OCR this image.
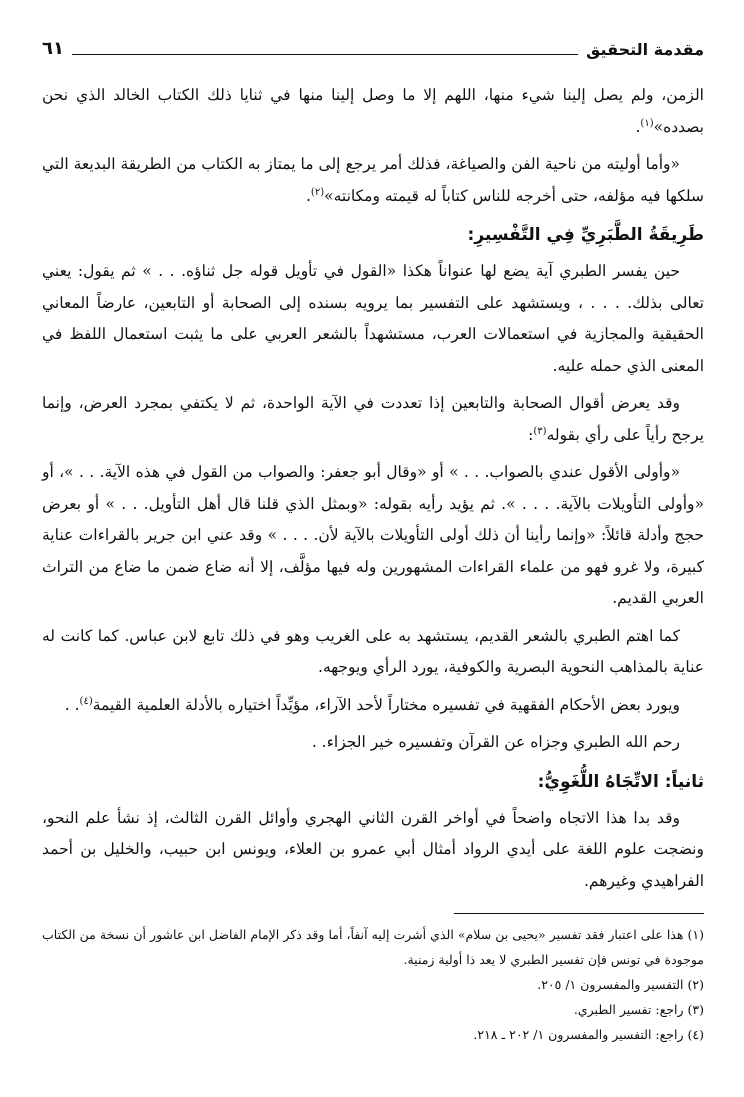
مقدمة التحقيق
٦١

الزمن، ولم يصل إلينا شيء منها، اللهم إلا ما وصل إلينا منها في ثنايا ذلك الكتاب الخالد الذي نحن بصدده»$^{(١)}$.

«وأما أوليته من ناحية الفن والصياغة، فذلك أمر يرجع إلى ما يمتاز به الكتاب من الطريقة البديعة التي سلكها فيه مؤلفه، حتى أخرجه للناس كتاباً له قيمته ومكانته»$^{(٢)}$.

طَرِيقَةُ الطَّبَرِيِّ فِي التَّفْسِيرِ:

حين يفسر الطبري آية يضع لها عنواناً هكذا «القول في تأويل قوله جل ثناؤه. . . » ثم يقول: يعني تعالى بذلك. . . . ، ويستشهد على التفسير بما يرويه بسنده إلى الصحابة أو التابعين، عارضاً المعاني الحقيقية والمجازية في استعمالات العرب، مستشهداً بالشعر العربي على ما يثبت استعمال اللفظ في المعنى الذي حمله عليه.

وقد يعرض أقوال الصحابة والتابعين إذا تعددت في الآية الواحدة، ثم لا يكتفي بمجرد العرض، وإنما يرجح رأياً على رأي بقوله$^{(٣)}$:

«وأولى الأقول عندي بالصواب. . . » أو «وقال أبو جعفر: والصواب من القول في هذه الآية. . . »، أو «وأولى التأويلات بالآية. . . . ». ثم يؤيد رأيه بقوله: «وبمثل الذي قلنا قال أهل التأويل. . . » أو بعرض حجج وأدلة قائلاً: «وإنما رأينا أن ذلك أولى التأويلات بالآية لأن. . . . » وقد عني ابن جرير بالقراءات عناية كبيرة، ولا غرو فهو من علماء القراءات المشهورين وله فيها مؤلَّف، إلا أنه ضاع ضمن ما ضاع من التراث العربي القديم.

كما اهتم الطبري بالشعر القديم، يستشهد به على الغريب وهو في ذلك تابع لابن عباس. كما كانت له عناية بالمذاهب النحوية البصرية والكوفية، يورد الرأي ويوجهه.

ويورد بعض الأحكام الفقهية في تفسيره مختاراً لأحد الآراء، مؤيِّداً اختياره بالأدلة العلمية القيمة$^{(٤)}$. .

رحم الله الطبري وجزاه عن القرآن وتفسيره خير الجزاء. .

ثانياً: الاتِّجَاهُ اللُّغَوِيُّ:

وقد بدا هذا الاتجاه واضحاً في أواخر القرن الثاني الهجري وأوائل القرن الثالث، إذ نشأ علم النحو، ونضجت علوم اللغة على أيدي الرواد أمثال أبي عمرو بن العلاء، ويونس ابن حبيب، والخليل بن أحمد الفراهيدي وغيرهم.

(١) هذا على اعتبار فقد تفسير «يحيى بن سلام» الذي أشرت إليه آنفاً، أما وقد ذكر الإمام الفاضل ابن عاشور أن نسخة من الكتاب موجودة في تونس فإن تفسير الطبري لا يعد ذا أولية زمنية.

(٢) التفسير والمفسرون ١/ ٢٠٥.

(٣) راجع: تفسير الطبري.

(٤) راجع: التفسير والمفسرون ١/ ٢٠٢ ـ ٢١٨.
